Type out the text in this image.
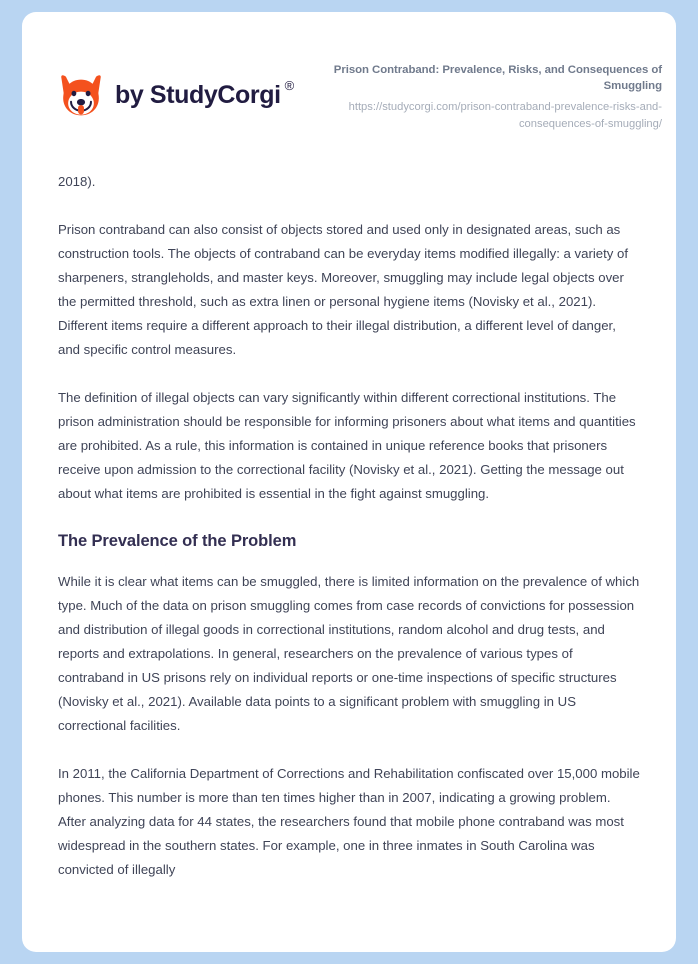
by StudyCorgi ®
Prison Contraband: Prevalence, Risks, and Consequences of Smuggling
https://studycorgi.com/prison-contraband-prevalence-risks-and-consequences-of-smuggling/

2018).

Prison contraband can also consist of objects stored and used only in designated areas, such as construction tools. The objects of contraband can be everyday items modified illegally: a variety of sharpeners, strangleholds, and master keys. Moreover, smuggling may include legal objects over the permitted threshold, such as extra linen or personal hygiene items (Novisky et al., 2021). Different items require a different approach to their illegal distribution, a different level of danger, and specific control measures.

The definition of illegal objects can vary significantly within different correctional institutions. The prison administration should be responsible for informing prisoners about what items and quantities are prohibited. As a rule, this information is contained in unique reference books that prisoners receive upon admission to the correctional facility (Novisky et al., 2021). Getting the message out about what items are prohibited is essential in the fight against smuggling.

The Prevalence of the Problem

While it is clear what items can be smuggled, there is limited information on the prevalence of which type. Much of the data on prison smuggling comes from case records of convictions for possession and distribution of illegal goods in correctional institutions, random alcohol and drug tests, and reports and extrapolations. In general, researchers on the prevalence of various types of contraband in US prisons rely on individual reports or one-time inspections of specific structures (Novisky et al., 2021). Available data points to a significant problem with smuggling in US correctional facilities.

In 2011, the California Department of Corrections and Rehabilitation confiscated over 15,000 mobile phones. This number is more than ten times higher than in 2007, indicating a growing problem. After analyzing data for 44 states, the researchers found that mobile phone contraband was most widespread in the southern states. For example, one in three inmates in South Carolina was convicted of illegally
